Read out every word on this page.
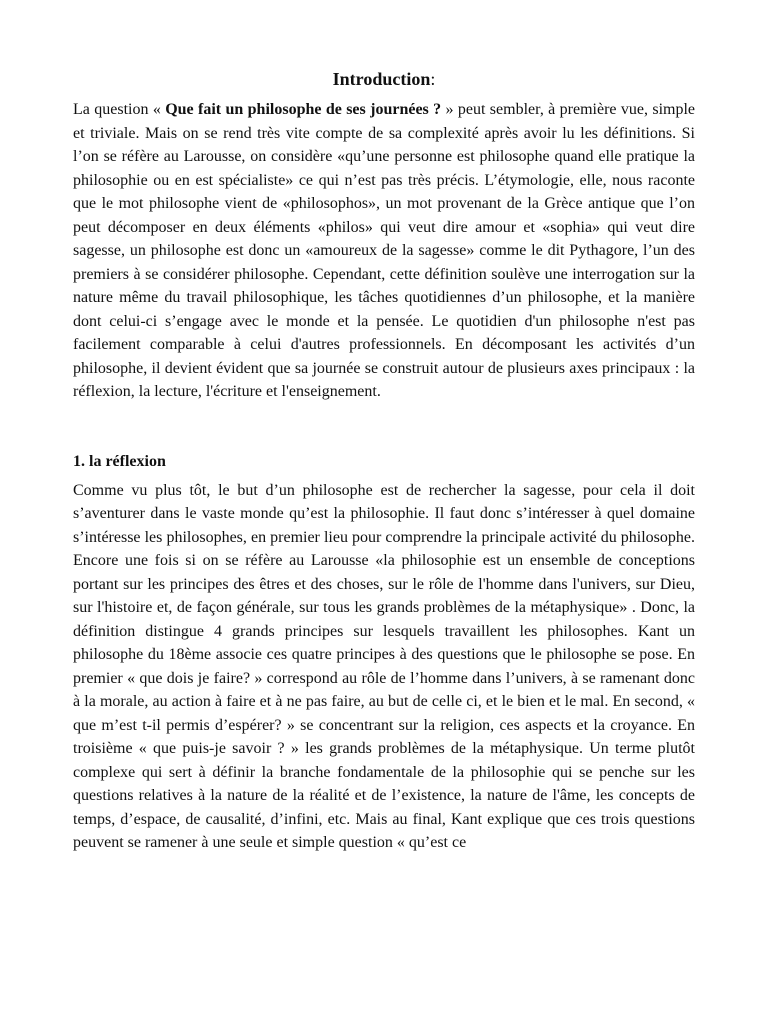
Introduction:

La question « Que fait un philosophe de ses journées ? » peut sembler, à première vue, simple et triviale. Mais on se rend très vite compte de sa complexité après avoir lu les définitions. Si l’on se réfère au Larousse, on considère «qu’une personne est philosophe quand elle pratique la philosophie ou en est spécialiste» ce qui n’est pas très précis. L’étymologie, elle, nous raconte que le mot philosophe vient de «philosophos», un mot provenant de la Grèce antique que l’on peut décomposer en deux éléments «philos» qui veut dire amour et «sophia» qui veut dire sagesse, un philosophe est donc un «amoureux de la sagesse» comme le dit Pythagore, l’un des premiers à se considérer philosophe. Cependant, cette définition soulève une interrogation sur la nature même du travail philosophique, les tâches quotidiennes d’un philosophe, et la manière dont celui-ci s’engage avec le monde et la pensée. Le quotidien d'un philosophe n'est pas facilement comparable à celui d'autres professionnels. En décomposant les activités d’un philosophe, il devient évident que sa journée se construit autour de plusieurs axes principaux : la réflexion, la lecture, l'écriture et l'enseignement.

1. la réflexion

Comme vu plus tôt, le but d’un philosophe est de rechercher la sagesse, pour cela il doit s’aventurer dans le vaste monde qu’est la philosophie. Il faut donc s’intéresser à quel domaine s’intéresse les philosophes, en premier lieu pour comprendre la principale activité du philosophe. Encore une fois si on se réfère au Larousse «la philosophie est un ensemble de conceptions portant sur les principes des êtres et des choses, sur le rôle de l'homme dans l'univers, sur Dieu, sur l'histoire et, de façon générale, sur tous les grands problèmes de la métaphysique» . Donc, la définition distingue 4 grands principes sur lesquels travaillent les philosophes. Kant un philosophe du 18ème associe ces quatre principes à des questions que le philosophe se pose. En premier « que dois je faire? » correspond au rôle de l’homme dans l’univers, à se ramenant donc à la morale, au action à faire et à ne pas faire, au but de celle ci, et le bien et le mal. En second, « que m’est t-il permis d’espérer? » se concentrant sur la religion, ces aspects et la croyance. En troisième « que puis-je savoir ? » les grands problèmes de la métaphysique. Un terme plutôt complexe qui sert à définir la branche fondamentale de la philosophie qui se penche sur les questions relatives à la nature de la réalité et de l’existence, la nature de l'âme, les concepts de temps, d’espace, de causalité, d’infini, etc. Mais au final, Kant explique que ces trois questions peuvent se ramener à une seule et simple question « qu’est ce
